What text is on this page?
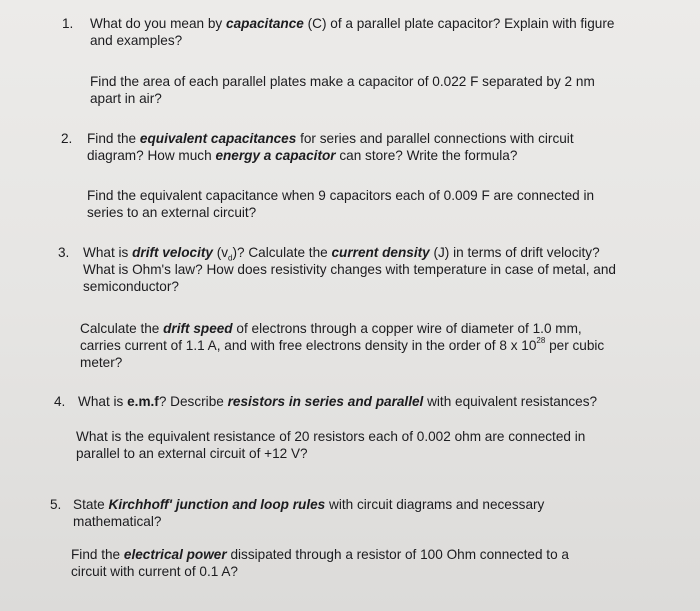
1. What do you mean by capacitance (C) of a parallel plate capacitor? Explain with figure
and examples?
Find the area of each parallel plates make a capacitor of 0.022 F separated by 2 nm
apart in air?
2. Find the equivalent capacitances for series and parallel connections with circuit
diagram? How much energy a capacitor can store? Write the formula?
Find the equivalent capacitance when 9 capacitors each of 0.009 F are connected in
series to an external circuit?
3. What is drift velocity $(v_d)$? Calculate the current density (J) in terms of drift velocity?
What is Ohm's law? How does resistivity changes with temperature in case of metal, and
semiconductor?
Calculate the drift speed of electrons through a copper wire of diameter of 1.0 mm,
carries current of 1.1 A, and with free electrons density in the order of 8 x $10^{28}$ per cubic
meter?
4. What is e.m.f? Describe resistors in series and parallel with equivalent resistances?
What is the equivalent resistance of 20 resistors each of 0.002 ohm are connected in
parallel to an external circuit of +12 V?
5. State Kirchhoff' junction and loop rules with circuit diagrams and necessary
mathematical?
Find the electrical power dissipated through a resistor of 100 Ohm connected to a
circuit with current of 0.1 A?
